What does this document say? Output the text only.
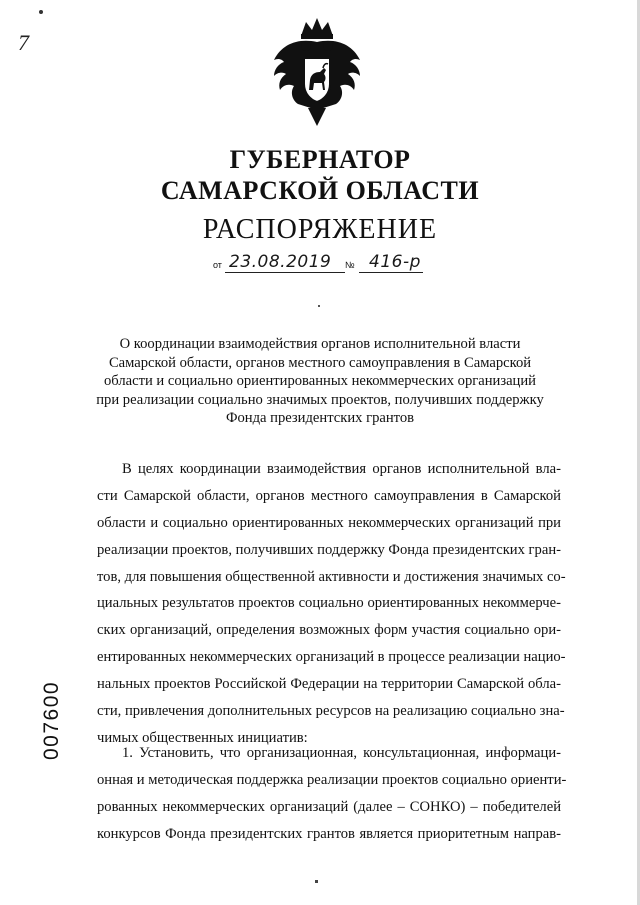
7
ГУБЕРНАТОР
САМАРСКОЙ ОБЛАСТИ
РАСПОРЯЖЕНИЕ
от 23.08.2019 № 416-р
О координации взаимодействия органов исполнительной власти
Самарской области, органов местного самоуправления в Самарской
области и социально ориентированных некоммерческих организаций
при реализации социально значимых проектов, получивших поддержку
Фонда президентских грантов
В целях координации взаимодействия органов исполнительной вла-
сти Самарской области, органов местного самоуправления в Самарской
области и социально ориентированных некоммерческих организаций при
реализации проектов, получивших поддержку Фонда президентских гран-
тов, для повышения общественной активности и достижения значимых со-
циальных результатов проектов социально ориентированных некоммерче-
ских организаций, определения возможных форм участия социально ори-
ентированных некоммерческих организаций в процессе реализации нацио-
нальных проектов Российской Федерации на территории Самарской обла-
сти, привлечения дополнительных ресурсов на реализацию социально зна-
чимых общественных инициатив:
1. Установить, что организационная, консультационная, информаци-
онная и методическая поддержка реализации проектов социально ориенти-
рованных некоммерческих организаций (далее – СОНКО) – победителей
конкурсов Фонда президентских грантов является приоритетным направ-
007600
